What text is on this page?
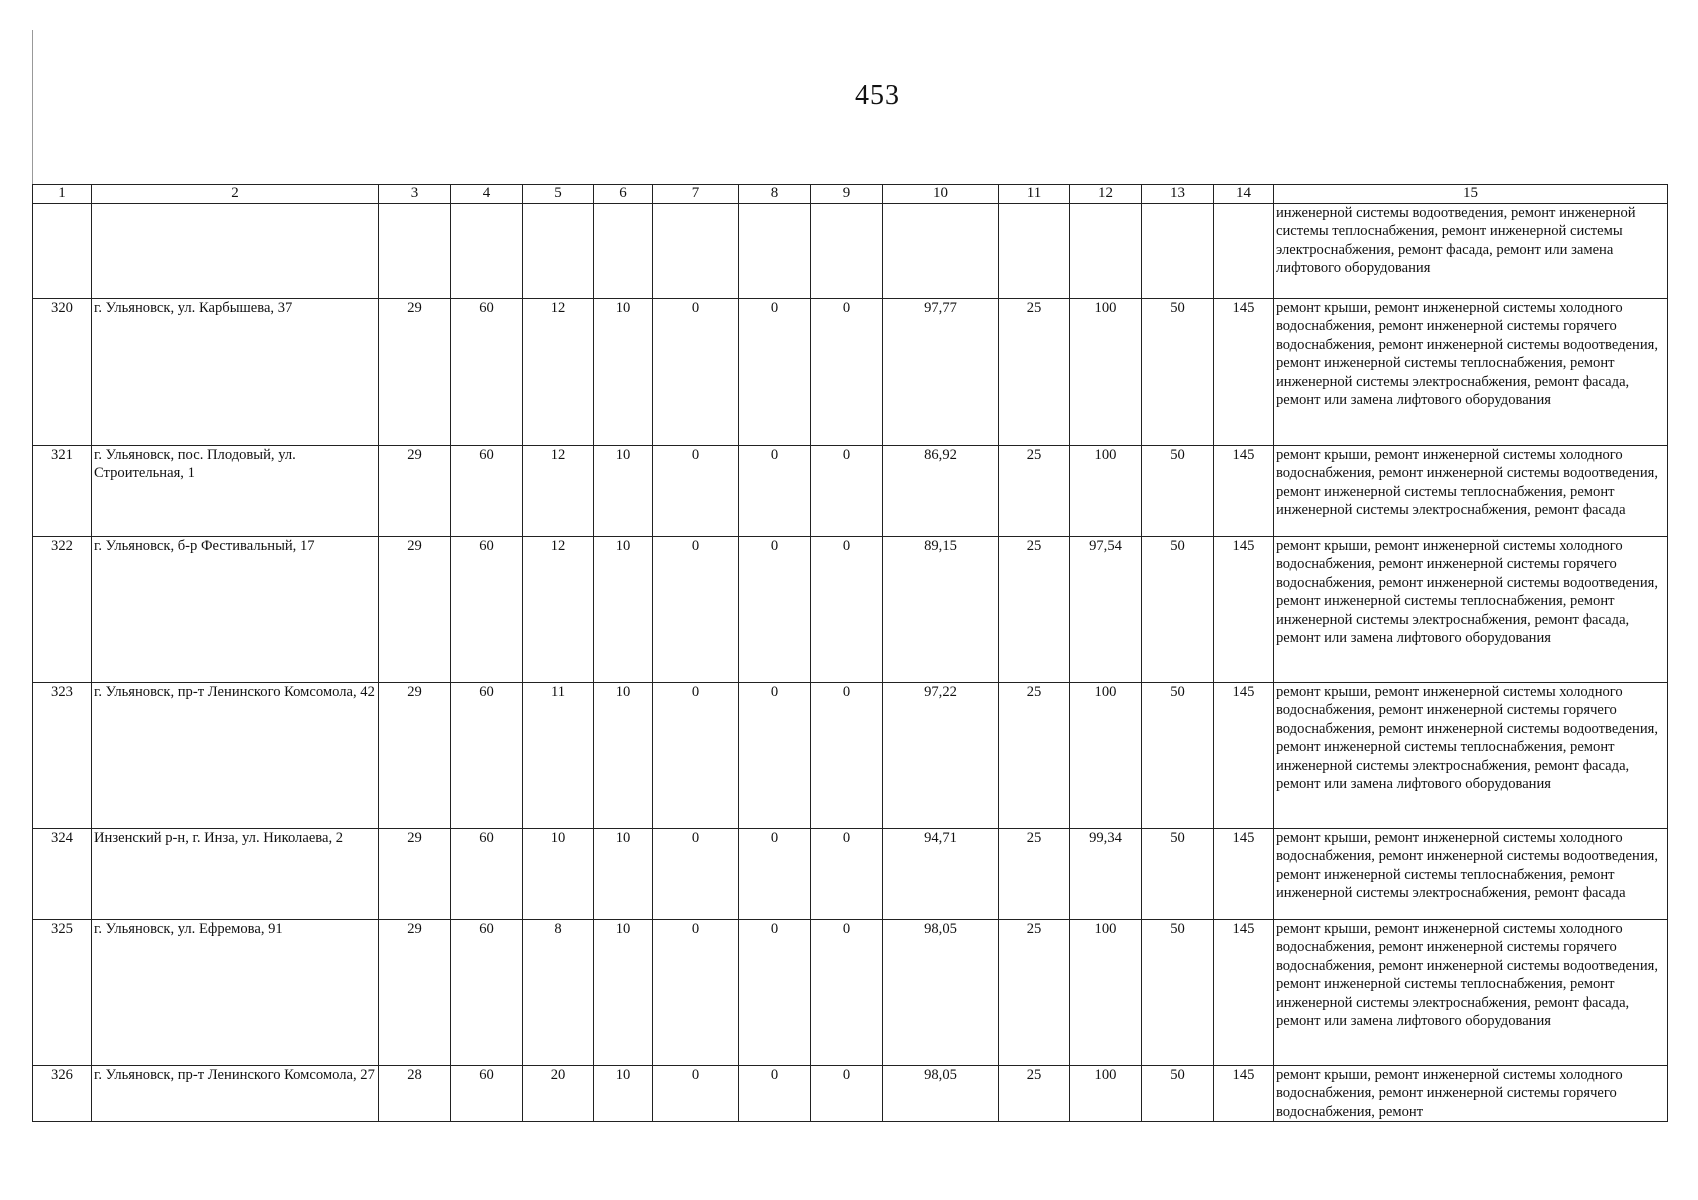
453
1	2	3	4	5	6	7	8	9	10	11	12	13	14	15
														инженерной системы водоотведения, ремонт инженерной системы теплоснабжения, ремонт инженерной системы электроснабжения, ремонт фасада, ремонт или замена лифтового оборудования
320	г. Ульяновск, ул. Карбышева, 37	29	60	12	10	0	0	0	97,77	25	100	50	145	ремонт крыши, ремонт инженерной системы холодного водоснабжения, ремонт инженерной системы горячего водоснабжения, ремонт инженерной системы водоотведения, ремонт инженерной системы теплоснабжения, ремонт инженерной системы электроснабжения, ремонт фасада, ремонт или замена лифтового оборудования
321	г. Ульяновск, пос. Плодовый, ул. Строительная, 1	29	60	12	10	0	0	0	86,92	25	100	50	145	ремонт крыши, ремонт инженерной системы холодного водоснабжения, ремонт инженерной системы водоотведения, ремонт инженерной системы теплоснабжения, ремонт инженерной системы электроснабжения, ремонт фасада
322	г. Ульяновск, б-р Фестивальный, 17	29	60	12	10	0	0	0	89,15	25	97,54	50	145	ремонт крыши, ремонт инженерной системы холодного водоснабжения, ремонт инженерной системы горячего водоснабжения, ремонт инженерной системы водоотведения, ремонт инженерной системы теплоснабжения, ремонт инженерной системы электроснабжения, ремонт фасада, ремонт или замена лифтового оборудования
323	г. Ульяновск, пр-т Ленинского Комсомола, 42	29	60	11	10	0	0	0	97,22	25	100	50	145	ремонт крыши, ремонт инженерной системы холодного водоснабжения, ремонт инженерной системы горячего водоснабжения, ремонт инженерной системы водоотведения, ремонт инженерной системы теплоснабжения, ремонт инженерной системы электроснабжения, ремонт фасада, ремонт или замена лифтового оборудования
324	Инзенский р-н, г. Инза, ул. Николаева, 2	29	60	10	10	0	0	0	94,71	25	99,34	50	145	ремонт крыши, ремонт инженерной системы холодного водоснабжения, ремонт инженерной системы водоотведения, ремонт инженерной системы теплоснабжения, ремонт инженерной системы электроснабжения, ремонт фасада
325	г. Ульяновск, ул. Ефремова, 91	29	60	8	10	0	0	0	98,05	25	100	50	145	ремонт крыши, ремонт инженерной системы холодного водоснабжения, ремонт инженерной системы горячего водоснабжения, ремонт инженерной системы водоотведения, ремонт инженерной системы теплоснабжения, ремонт инженерной системы электроснабжения, ремонт фасада, ремонт или замена лифтового оборудования
326	г. Ульяновск, пр-т Ленинского Комсомола, 27	28	60	20	10	0	0	0	98,05	25	100	50	145	ремонт крыши, ремонт инженерной системы холодного водоснабжения, ремонт инженерной системы горячего водоснабжения, ремонт
